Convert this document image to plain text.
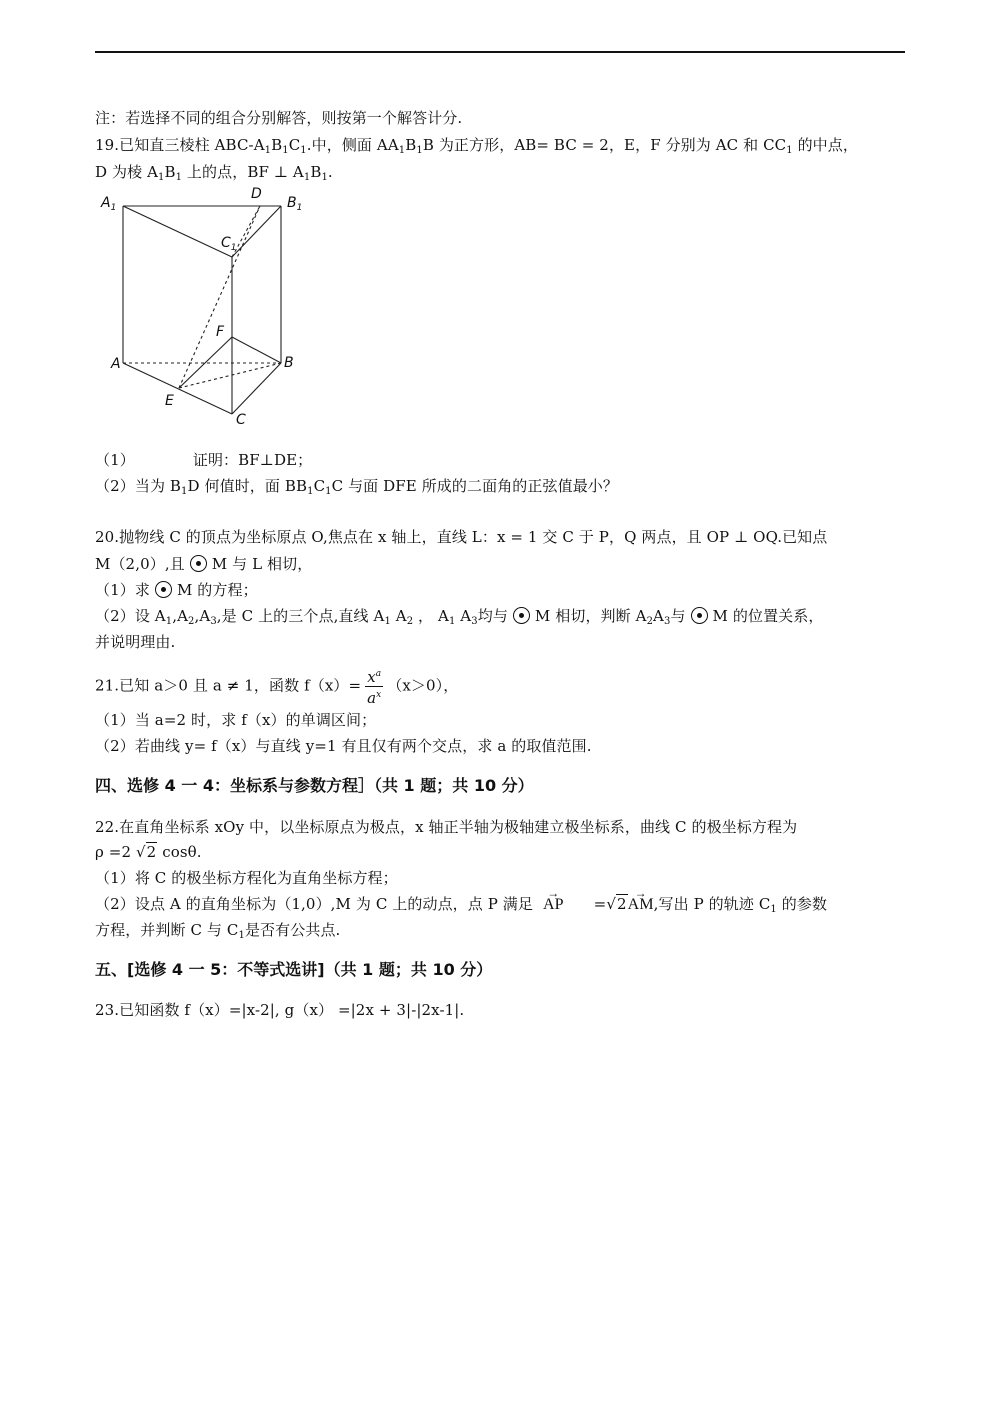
注：若选择不同的组合分别解答，则按第一个解答计分.
19.已知直三棱柱 ABC-$A_1B_1C_1$.中，侧面 $AA_1B_1B$ 为正方形，AB= BC = 2，E，F 分别为 AC 和 $CC_1$ 的中点，
D 为棱 $A_1B_1$ 上的点，BF ⊥ $A_1B_1$.
$A_1$
D
$B_1$
$C_1$
F
A	B
E
C
（1）	证明：BF⊥DE；
（2）当为 $B_1D$ 何值时，面 $BB_1C_1C$ 与面 DFE 所成的二面角的正弦值最小？
20.抛物线 C 的顶点为坐标原点 O,焦点在 x 轴上，直线 L：x = 1 交 C 于 P，Q 两点，且 OP ⊥ OQ.已知点
M（2,0）,且 M 与 L 相切，
（1）求 M 的方程；
（2）设 $A_1,A_2,A_3$,是 C 上的三个点,直线 $A_1$ $A_2$ ， $A_1$ $A_3$均与 M 相切，判断 $A_2A_3$与 M 的位置关系，
并说明理由.
21.已知 a＞0 且 a ≠ 1，函数 $f(x)= \frac{x^a}{a^x} (x>0)$，
（1）当 a=2 时，求 f（x）的单调区间；
（2）若曲线 y= f（x）与直线 y=1 有且仅有两个交点，求 a 的取值范围.
四、选修 4 一 4：坐标系与参数方程］（共 1 题；共 10 分）
22.在直角坐标系 xOy 中，以坐标原点为极点，x 轴正半轴为极轴建立极坐标系，曲线 C 的极坐标方程为
ρ =2 √2 cosθ.
（1）将 C 的极坐标方程化为直角坐标方程；
（2）设点 A 的直角坐标为（1,0）,M 为 C 上的动点，点 P 满足→ AP =√2→ AM,写出 P 的轨迹 $C_1$ 的参数
方程，并判断 C 与 $C_1$是否有公共点.
五、[选修 4 一 5：不等式选讲]（共 1 题；共 10 分）
23.已知函数 f（x）=|x-2|, g（x） =|2x + 3|-|2x-1|.
